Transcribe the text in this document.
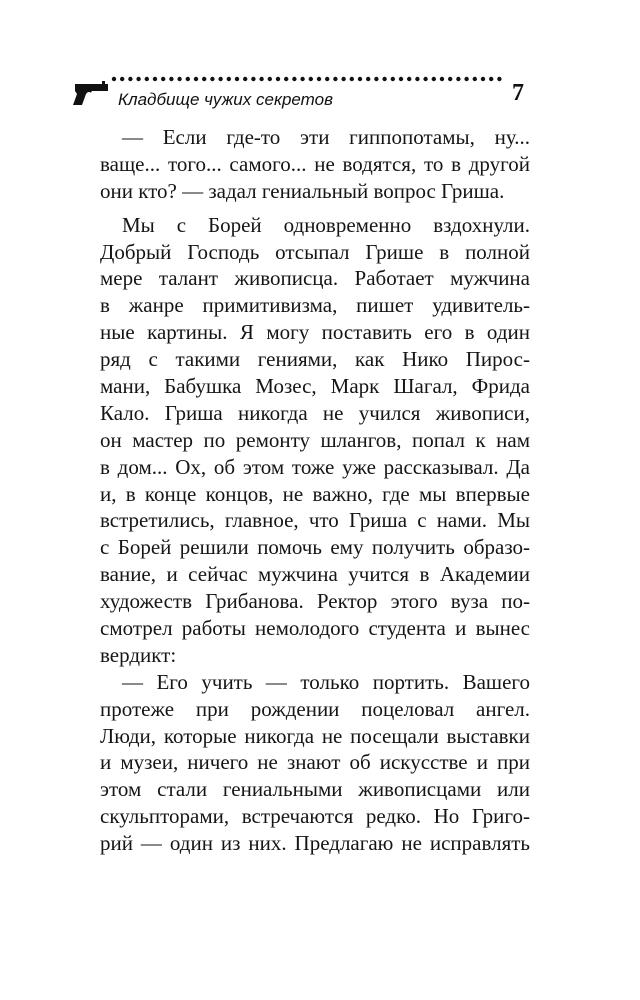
Кладбище чужих секретов	7
— Если где-то эти гиппопотамы, ну...
ваще... того... самого... не водятся, то в другой
они кто? — задал гениальный вопрос Гриша.
Мы с Борей одновременно вздохнули.
Добрый Господь отсыпал Грише в полной
мере талант живописца. Работает мужчина
в жанре примитивизма, пишет удивитель-
ные картины. Я могу поставить его в один
ряд с такими гениями, как Нико Пирос-
мани, Бабушка Мозес, Марк Шагал, Фрида
Кало. Гриша никогда не учился живописи,
он мастер по ремонту шлангов, попал к нам
в дом... Ох, об этом тоже уже рассказывал. Да
и, в конце концов, не важно, где мы впервые
встретились, главное, что Гриша с нами. Мы
с Борей решили помочь ему получить образо-
вание, и сейчас мужчина учится в Академии
художеств Грибанова. Ректор этого вуза по-
смотрел работы немолодого студента и вынес
вердикт:
— Его учить — только портить. Вашего
протеже при рождении поцеловал ангел.
Люди, которые никогда не посещали выставки
и музеи, ничего не знают об искусстве и при
этом стали гениальными живописцами или
скульпторами, встречаются редко. Но Григо-
рий — один из них. Предлагаю не исправлять
